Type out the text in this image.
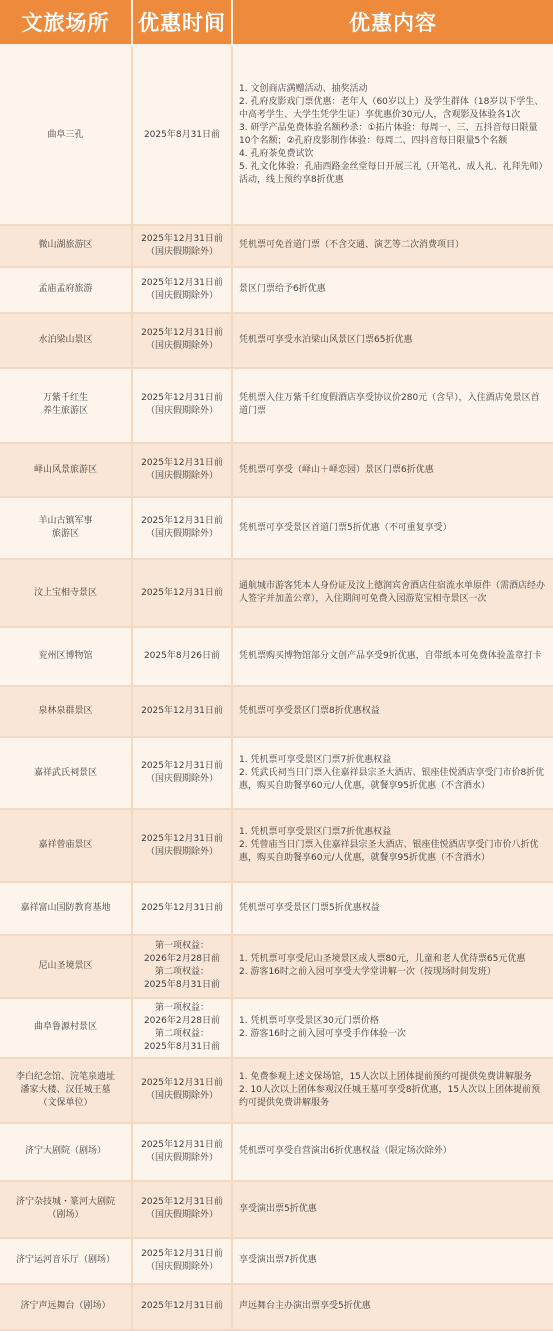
文旅场所	优惠时间	优惠内容

曲阜三孔	2025年8月31日前	1. 文创商店满赠活动、抽奖活动
2. 孔府皮影戏门票优惠：老年人（60岁以上）及学生群体（18岁以下学生、中高考学生、大学生凭学生证）享优惠价30元/人，含观影及体验各1次
3. 研学产品免费体验名额秒杀：①拓片体验：每周一、三、五抖音每日限量10个名额；②孔府皮影制作体验：每周二、四抖音每日限量5个名额
4. 孔府茶免费试饮
5. 礼文化体验：孔庙西路金丝堂每日开展三礼（开笔礼、成人礼、礼拜先师）活动，线上预约享8折优惠

微山湖旅游区	2025年12月31日前
（国庆假期除外）	凭机票可免首道门票（不含交通、演艺等二次消费项目）

孟庙孟府旅游	2025年12月31日前
（国庆假期除外）	景区门票给予6折优惠

水泊梁山景区	2025年12月31日前
（国庆假期除外）	凭机票可享受水泊梁山风景区门票65折优惠

万紫千红生
养生旅游区	2025年12月31日前
（国庆假期除外）	凭机票入住万紫千红度假酒店享受协议价280元（含早），入住酒店免景区首道门票

峄山风景旅游区	2025年12月31日前
（国庆假期除外）	凭机票可享受（峄山＋峄恋园）景区门票6折优惠

羊山古镇军事
旅游区	2025年12月31日前
（国庆假期除外）	凭机票可享受景区首道门票5折优惠（不可重复享受）

汶上宝相寺景区	2025年12月31日前	通航城市游客凭本人身份证及汶上德润宾舍酒店住宿流水单原件（需酒店经办人签字并加盖公章），入住期间可免费入园游览宝相寺景区一次

兖州区博物馆	2025年8月26日前	凭机票购买博物馆部分文创产品享受9折优惠，自带纸本可免费体验盖章打卡

泉林泉群景区	2025年12月31日前	凭机票可享受景区门票8折优惠权益

嘉祥武氏祠景区	2025年12月31日前
（国庆假期除外）	1. 凭机票可享受景区门票7折优惠权益
2. 凭武氏祠当日门票入住嘉祥县宗圣大酒店、银座佳悦酒店享受门市价8折优惠，购买自助餐享60元/人优惠，就餐享95折优惠（不含酒水）

嘉祥曾庙景区	2025年12月31日前
（国庆假期除外）	1. 凭机票可享受景区门票7折优惠权益
2. 凭曾庙当日门票入住嘉祥县宗圣大酒店、银座佳悦酒店享受门市价八折优惠，购买自助餐享60元/人优惠，就餐享95折优惠（不含酒水）

嘉祥富山国防教育基地	2025年12月31日前	凭机票可享受景区门票5折优惠权益

尼山圣境景区	第一项权益：
2026年2月28日前
第二项权益：
2025年8月31日前	1. 凭机票可享受尼山圣境景区成人票80元，儿童和老人优待票65元优惠
2. 游客16时之前入园可享受大学堂讲解一次（按现场时间发班）

曲阜鲁源村景区	第一项权益：
2026年2月28日前
第二项权益：
2025年8月31日前	1. 凭机票可享受景区30元门票价格
2. 游客16时之前入园可享受手作体验一次

李白纪念馆、浣笔泉遗址
潘家大楼、汉任城王墓
（文保单位）	2025年12月31日前
（国庆假期除外）	1. 免费参观上述文保场馆，15人次以上团体提前预约可提供免费讲解服务
2. 10人次以上团体参观汉任城王墓可享受8折优惠，15人次以上团体提前预约可提供免费讲解服务

济宁大剧院（剧场）	2025年12月31日前
（国庆假期除外）	凭机票可享受自营演出6折优惠权益（限定场次除外）

济宁杂技城・篆河大剧院
（剧场）	2025年12月31日前
（国庆假期除外）	享受演出票5折优惠

济宁运河音乐厅（剧场）	2025年12月31日前
（国庆假期除外）	享受演出票7折优惠

济宁声远舞台（剧场）	2025年12月31日前	声远舞台主办演出票享受5折优惠
